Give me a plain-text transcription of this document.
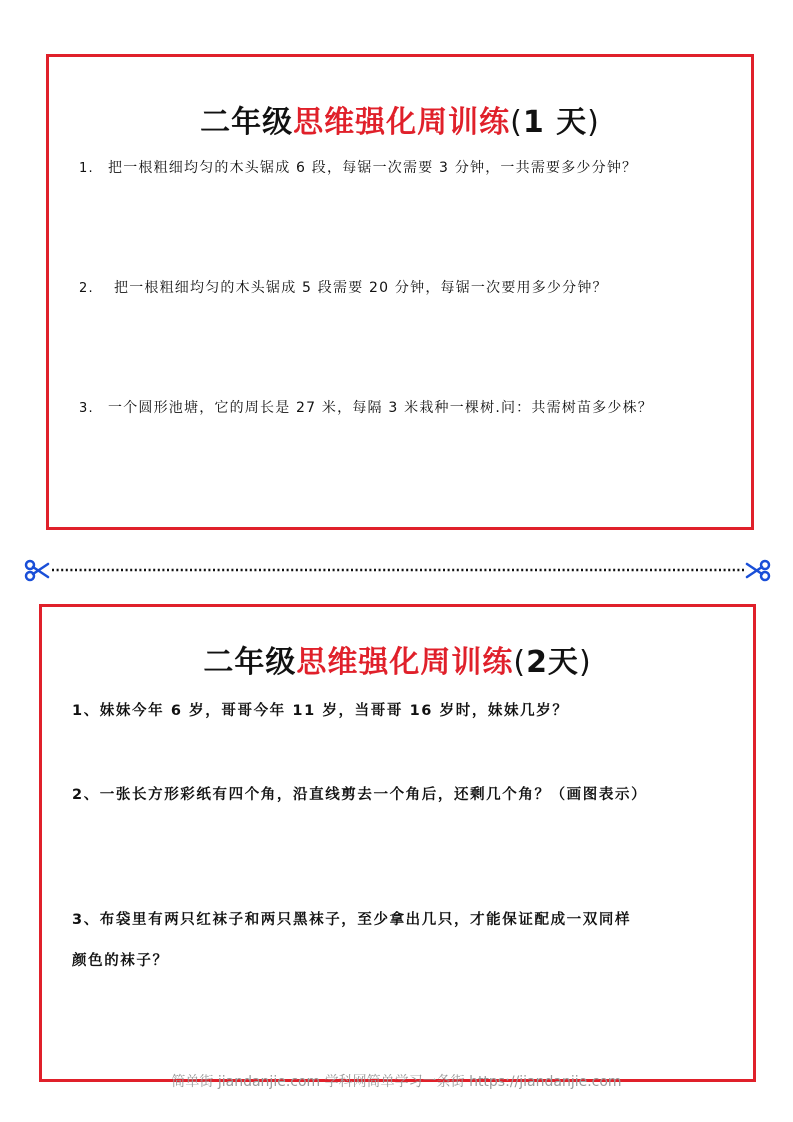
二年级思维强化周训练(1 天)
1. 把一根粗细均匀的木头锯成 6 段，每锯一次需要 3 分钟，一共需要多少分钟？
2. 把一根粗细均匀的木头锯成 5 段需要 20 分钟，每锯一次要用多少分钟？
3. 一个圆形池塘，它的周长是 27 米，每隔 3 米栽种一棵树.问：共需树苗多少株？
二年级思维强化周训练(2天)
1、妹妹今年 6 岁，哥哥今年 11 岁，当哥哥 16 岁时，妹妹几岁？
2、一张长方形彩纸有四个角，沿直线剪去一个角后，还剩几个角？（画图表示）
3、布袋里有两只红袜子和两只黑袜子，至少拿出几只，才能保证配成一双同样
颜色的袜子？
简单街 jiandanjie.com 学科网简单学习一条街 https://jiandanjie.com
